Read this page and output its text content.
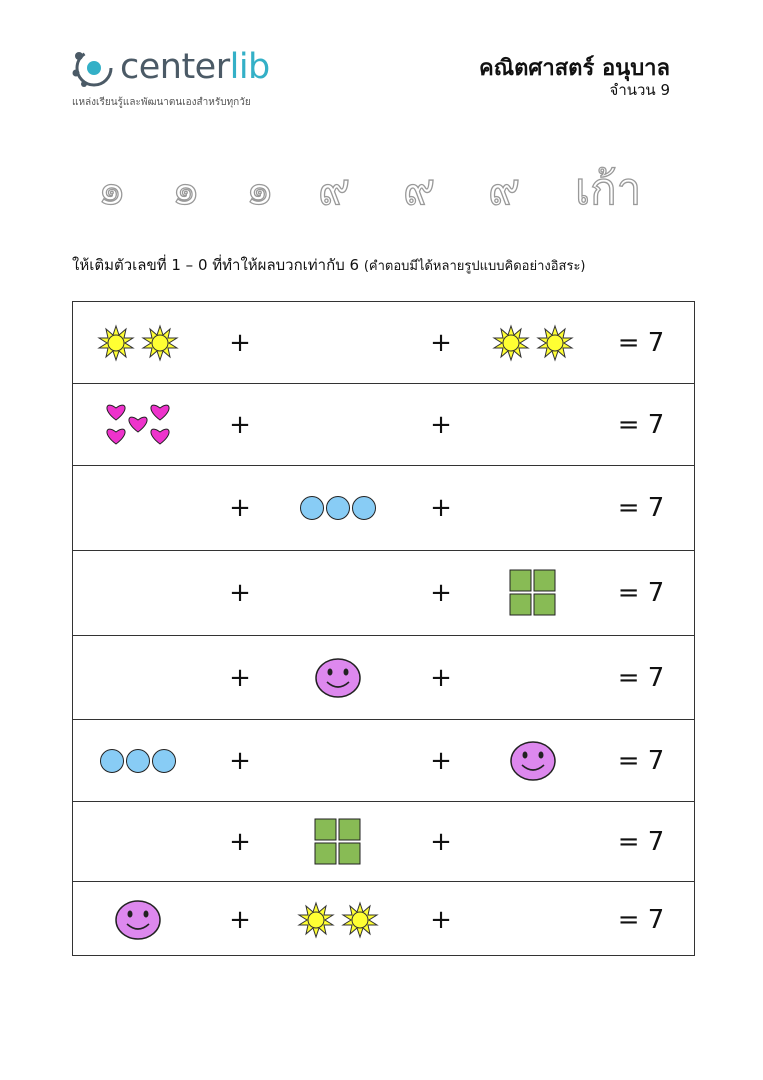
centerlib
แหล่งเรียนรู้และพัฒนาตนเองสำหรับทุกวัย
คณิตศาสตร์ อนุบาล
จำนวน 9
๑ ๑ ๑ ๙ ๙ ๙ เก้า
ให้เติมตัวเลขที่ 1 – 0 ที่ทำให้ผลบวกเท่ากับ 6 (คำตอบมีได้หลายรูปแบบคิดอย่างอิสระ)
+	+	= 7
+	+	= 7
+	+	= 7
+	+	= 7
+	+	= 7
+	+	= 7
+	+	= 7
+	+	= 7
